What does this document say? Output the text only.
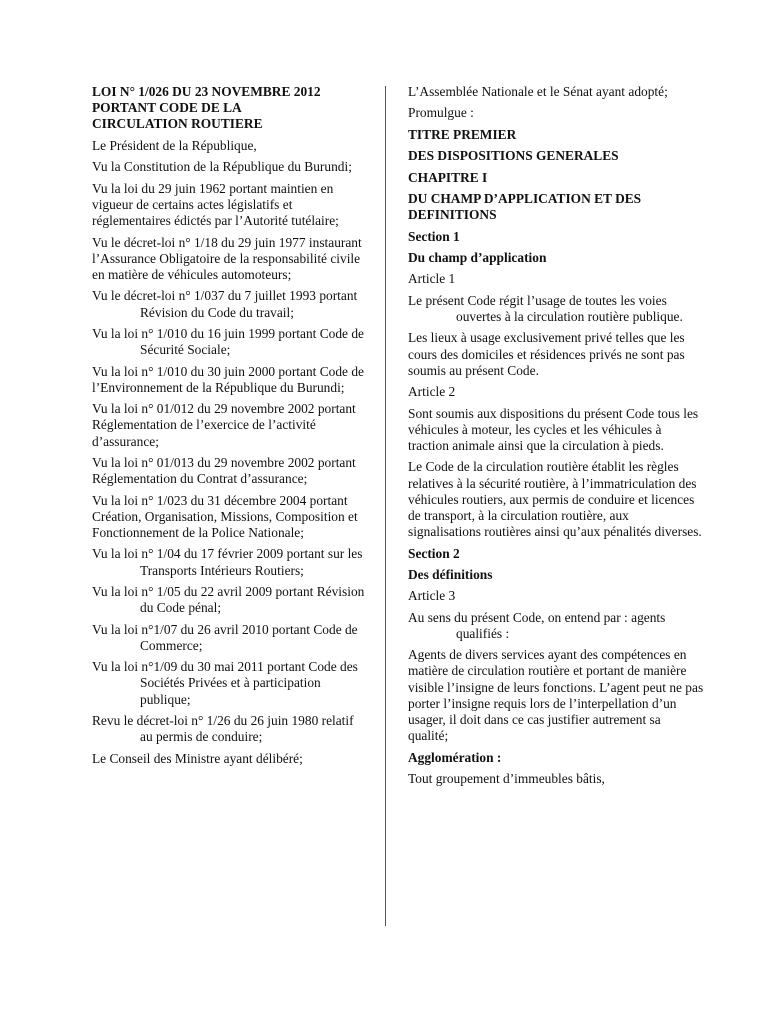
LOI N° 1/026 DU 23 NOVEMBRE 2012
PORTANT CODE DE LA
CIRCULATION ROUTIERE

Le Président de la République,

Vu la Constitution de la République du Burundi;

Vu la loi du 29 juin 1962 portant maintien en vigueur de certains actes législatifs et réglementaires édictés par l’Autorité tutélaire;

Vu le décret-loi n° 1/18 du 29 juin 1977 instaurant l’Assurance Obligatoire de la responsabilité civile en matière de véhicules automoteurs;

Vu le décret-loi n° 1/037 du 7 juillet 1993 portant Révision du Code du travail;

Vu la loi n° 1/010 du 16 juin 1999 portant Code de Sécurité Sociale;

Vu la loi n° 1/010 du 30 juin 2000 portant Code de l’Environnement de la République du Burundi;

Vu la loi n° 01/012 du 29 novembre 2002 portant Réglementation de l’exercice de l’activité d’assurance;

Vu la loi n° 01/013 du 29 novembre 2002 portant Réglementation du Contrat d’assurance;

Vu la loi n° 1/023 du 31 décembre 2004 portant Création, Organisation, Missions, Composition et Fonctionnement de la Police Nationale;

Vu la loi n° 1/04 du 17 février 2009 portant sur les Transports Intérieurs Routiers;

Vu la loi n° 1/05 du 22 avril 2009 portant Révision du Code pénal;

Vu la loi n°1/07 du 26 avril 2010 portant Code de Commerce;

Vu la loi n°1/09 du 30 mai 2011 portant Code des Sociétés Privées et à participation publique;

Revu le décret-loi n° 1/26 du 26 juin 1980 relatif au permis de conduire;

Le Conseil des Ministre ayant délibéré;

L’Assemblée Nationale et le Sénat ayant adopté;

Promulgue :

TITRE PREMIER

DES DISPOSITIONS GENERALES

CHAPITRE I

DU CHAMP D’APPLICATION ET DES DEFINITIONS

Section 1

Du champ d’application

Article 1

Le présent Code régit l’usage de toutes les voies ouvertes à la circulation routière publique.

Les lieux à usage exclusivement privé telles que les cours des domiciles et résidences privés ne sont pas soumis au présent Code.

Article 2

Sont soumis aux dispositions du présent Code tous les véhicules à moteur, les cycles et les véhicules à traction animale ainsi que la circulation à pieds.

Le Code de la circulation routière établit les règles relatives à la sécurité routière, à l’immatriculation des véhicules routiers, aux permis de conduire et licences de transport, à la circulation routière, aux signalisations routières ainsi qu’aux pénalités diverses.

Section 2

Des définitions

Article 3

Au sens du présent Code, on entend par : agents qualifiés :

Agents de divers services ayant des compétences en matière de circulation routière et portant de manière visible l’insigne de leurs fonctions. L’agent peut ne pas porter l’insigne requis lors de l’interpellation d’un usager, il doit dans ce cas justifier autrement sa qualité;

Agglomération :

Tout groupement d’immeubles bâtis,
